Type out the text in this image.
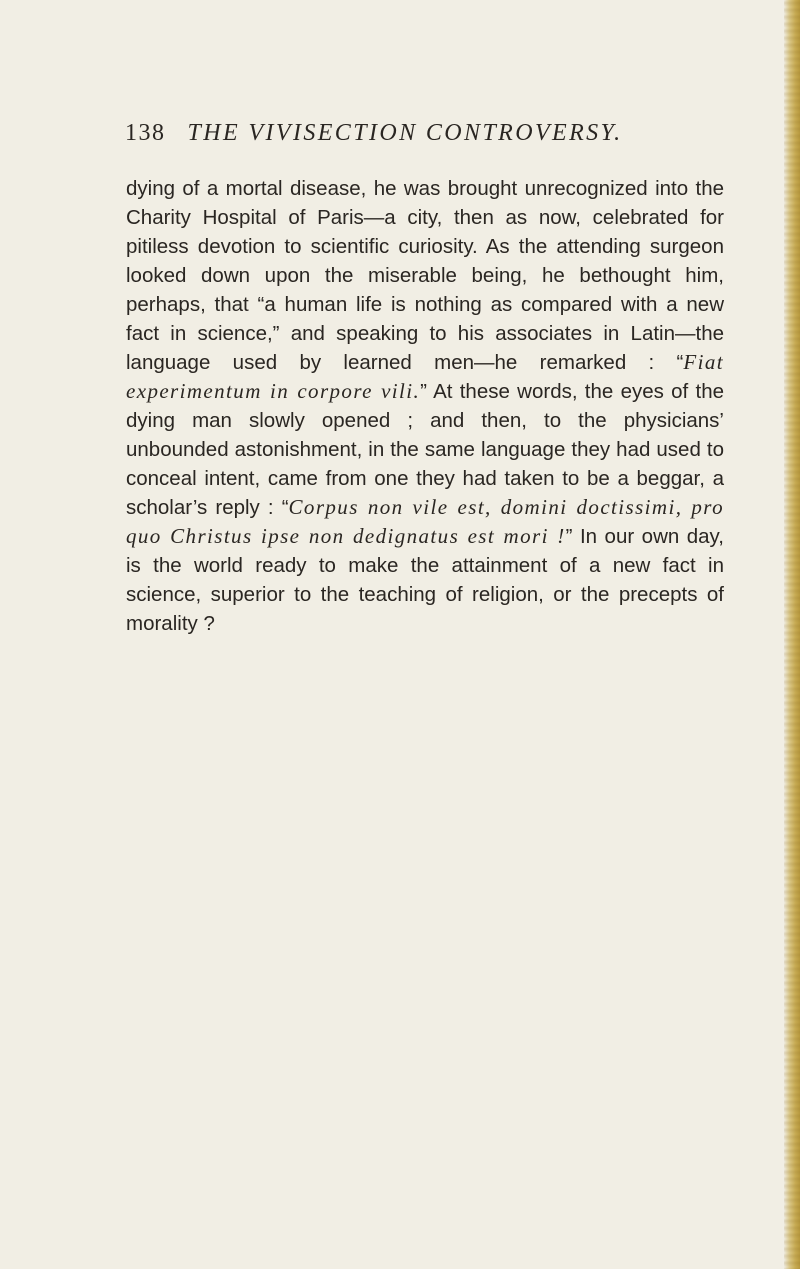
138 THE VIVISECTION CONTROVERSY.
dying of a mortal disease, he was brought unrecognized into the Charity Hospital of Paris—a city, then as now, celebrated for pitiless devotion to scientific curiosity. As the attending surgeon looked down upon the miserable being, he bethought him, perhaps, that “a human life is nothing as compared with a new fact in science,” and speaking to his associates in Latin—the language used by learned men—he remarked : “Fiat experimentum in corpore vili.” At these words, the eyes of the dying man slowly opened ; and then, to the physicians’ unbounded astonishment, in the same language they had used to conceal intent, came from one they had taken to be a beggar, a scholar’s reply : “Corpus non vile est, domini doctissimi, pro quo Christus ipse non dedignatus est mori !” In our own day, is the world ready to make the attainment of a new fact in science, superior to the teaching of religion, or the precepts of morality ?
